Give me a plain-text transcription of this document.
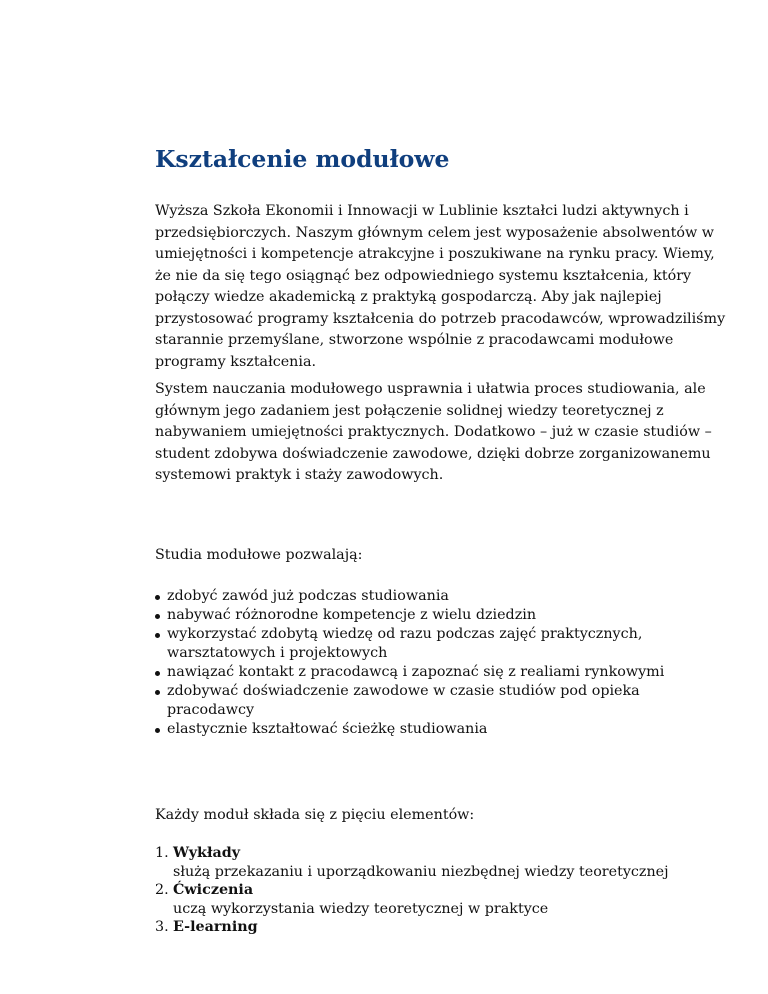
Kształcenie modułowe

Wyższa Szkoła Ekonomii i Innowacji w Lublinie kształci ludzi aktywnych i przedsiębiorczych. Naszym głównym celem jest wyposażenie absolwentów w umiejętności i kompetencje atrakcyjne i poszukiwane na rynku pracy. Wiemy, że nie da się tego osiągnąć bez odpowiedniego systemu kształcenia, który połączy wiedze akademicką z praktyką gospodarczą. Aby jak najlepiej przystosować programy kształcenia do potrzeb pracodawców, wprowadziliśmy starannie przemyślane, stworzone wspólnie z pracodawcami modułowe programy kształcenia.

System nauczania modułowego usprawnia i ułatwia proces studiowania, ale głównym jego zadaniem jest połączenie solidnej wiedzy teoretycznej z nabywaniem umiejętności praktycznych. Dodatkowo – już w czasie studiów – student zdobywa doświadczenie zawodowe, dzięki dobrze zorganizowanemu systemowi praktyk i staży zawodowych.

Studia modułowe pozwalają:

zdobyć zawód już podczas studiowania
nabywać różnorodne kompetencje z wielu dziedzin
wykorzystać zdobytą wiedzę od razu podczas zajęć praktycznych, warsztatowych i projektowych
nawiązać kontakt z pracodawcą i zapoznać się z realiami rynkowymi
zdobywać doświadczenie zawodowe w czasie studiów pod opieka pracodawcy
elastycznie kształtować ścieżkę studiowania

Każdy moduł składa się z pięciu elementów:

1. Wykłady
służą przekazaniu i uporządkowaniu niezbędnej wiedzy teoretycznej
2. Ćwiczenia
uczą wykorzystania wiedzy teoretycznej w praktyce
3. E-learning
